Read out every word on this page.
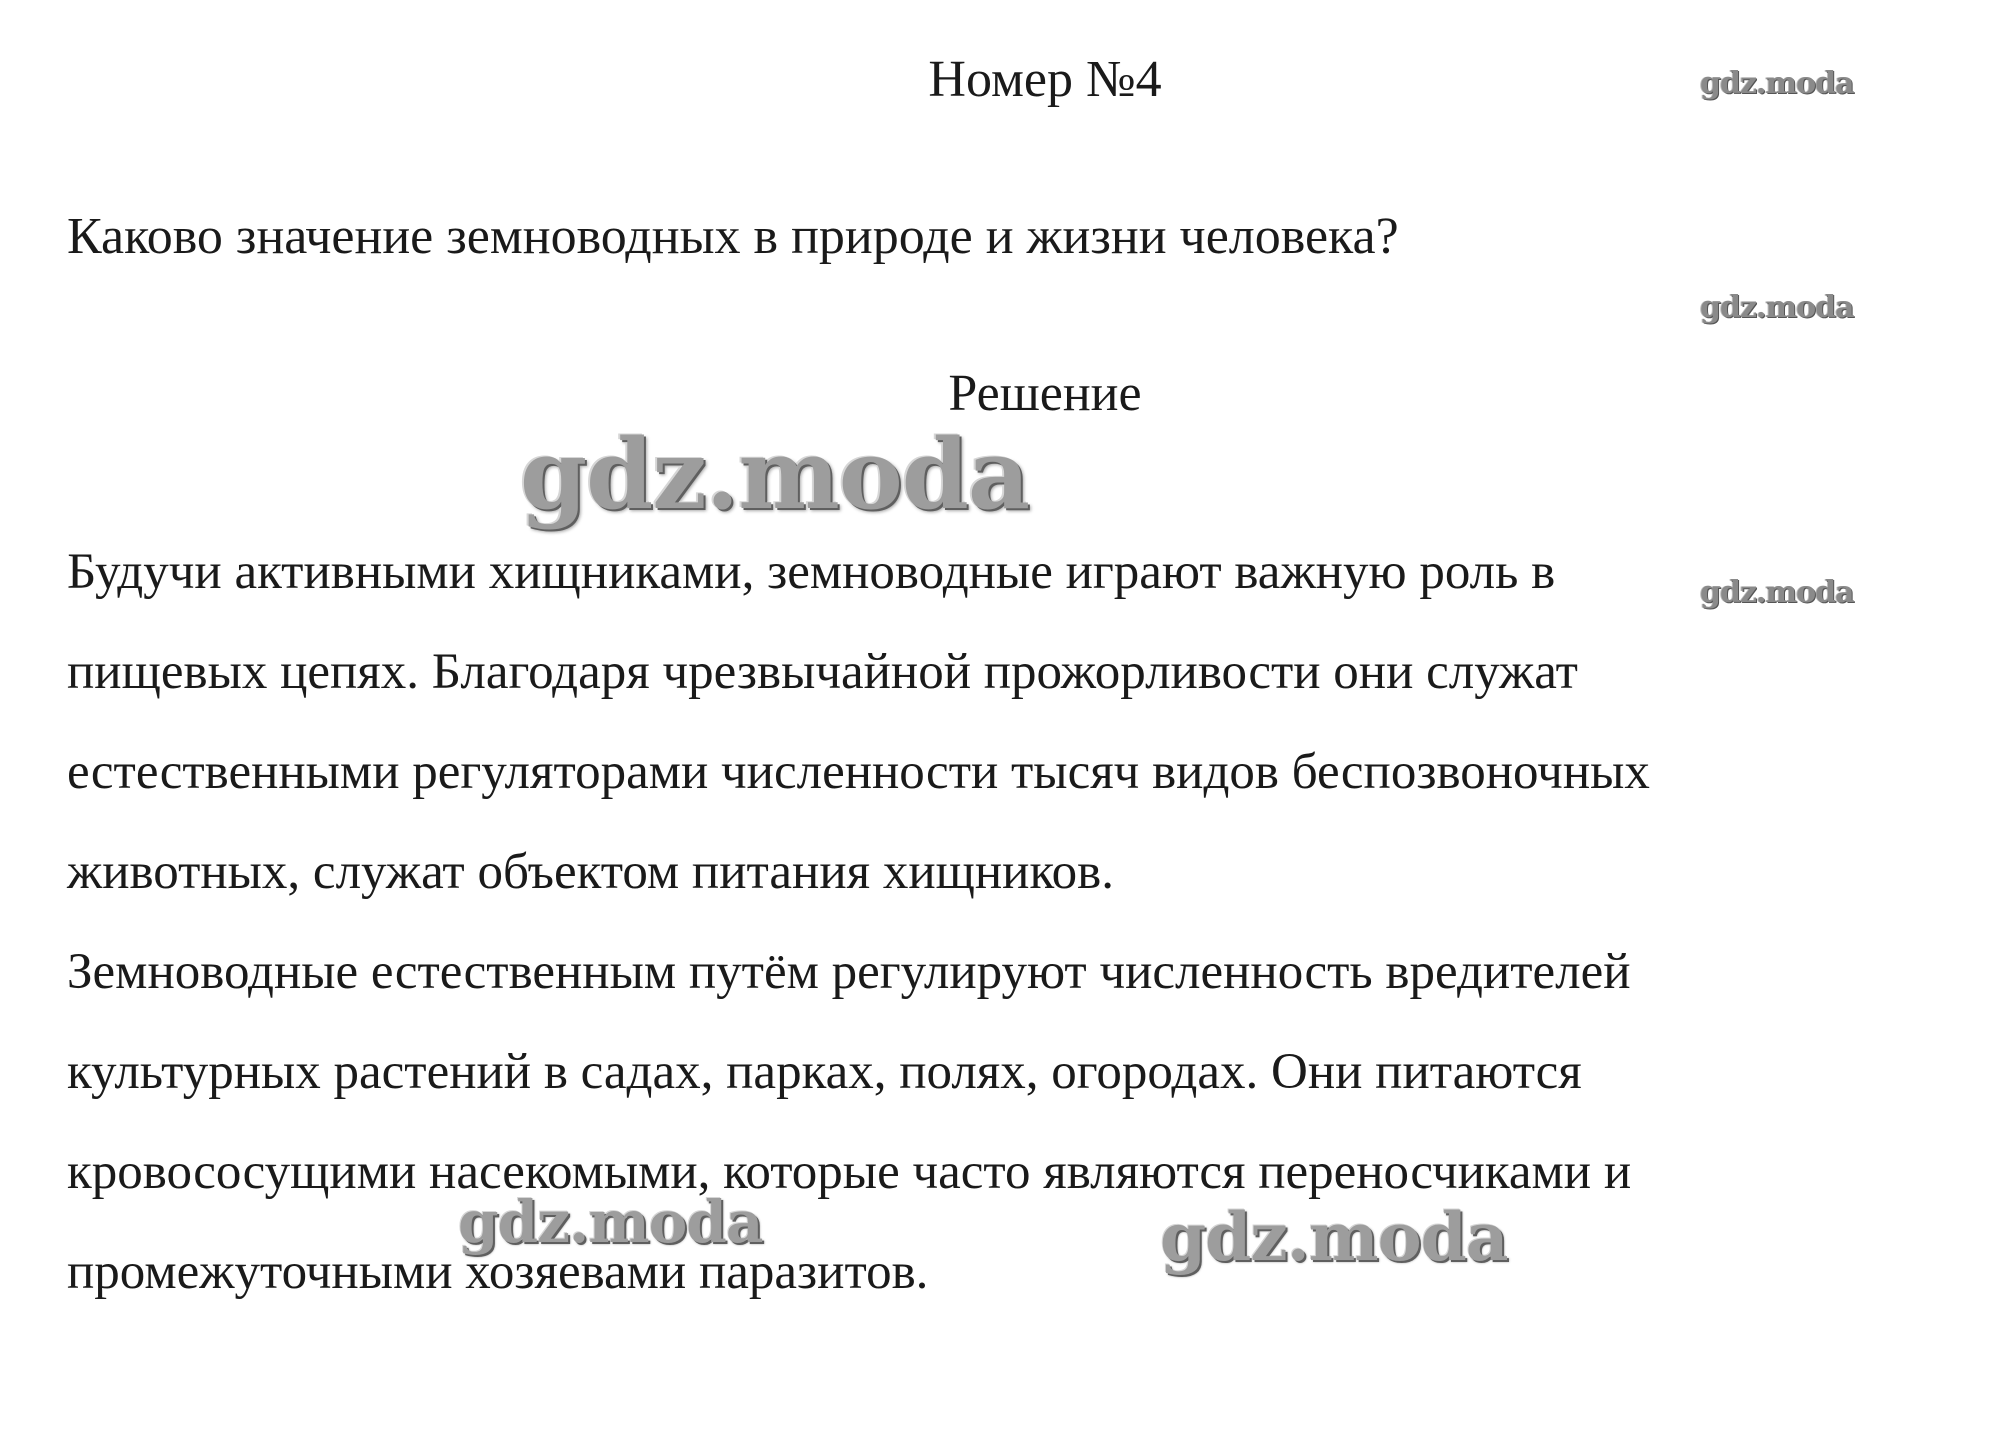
Номер №4
Каково значение земноводных в природе и жизни человека?
Решение
Будучи активными хищниками, земноводные играют важную роль в
пищевых цепях. Благодаря чрезвычайной прожорливости они служат
естественными регуляторами численности тысяч видов беспозвоночных
животных, служат объектом питания хищников.
Земноводные естественным путём регулируют численность вредителей
культурных растений в садах, парках, полях, огородах. Они питаются
кровососущими насекомыми, которые часто являются переносчиками и
промежуточными хозяевами паразитов.
gdz.moda
gdz.moda
gdz.moda
gdz.moda
gdz.moda	gdz.moda
